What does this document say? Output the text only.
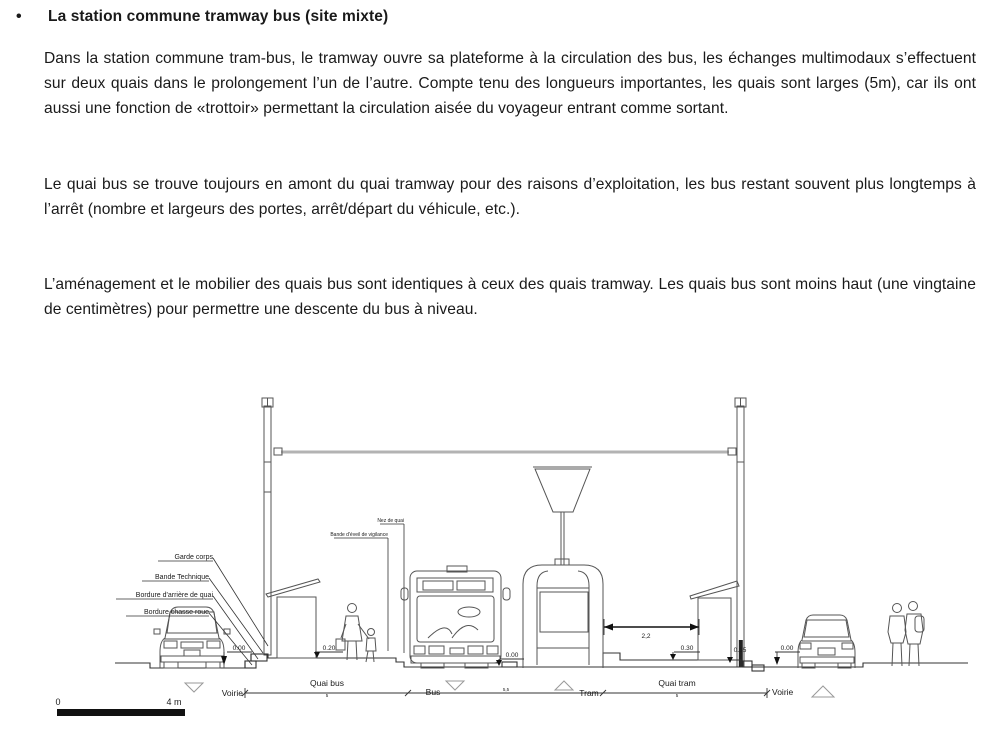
•	La station commune tramway bus (site mixte)

Dans la station commune tram-bus, le tramway ouvre sa plateforme à la circulation des bus, les échanges multimodaux s’effectuent sur deux quais dans le prolongement l’un de l’autre. Compte tenu des longueurs importantes, les quais sont larges (5m), car ils ont aussi une fonction de «trottoir» permettant la circulation aisée du voyageur entrant comme sortant.

Le quai bus se trouve toujours en amont du quai tramway pour des raisons d’exploitation, les bus restant souvent plus longtemps à l’arrêt (nombre et largeurs des portes, arrêt/départ du véhicule, etc.).

L’aménagement et le mobilier des quais bus sont identiques à ceux des quais tramway. Les quais bus sont moins haut (une vingtaine de centimètres) pour permettre une descente du bus à niveau.

Garde corps
Bande Technique
Bordure d'arrière de quai
Bordure chasse roue
Nez de quai
Bande d'éveil de vigilance
0.00	0.20
0.00
0.30	0.15	0.00
2,2
Voirie
Quai bus
5	Bus	5,5	Tram
Quai tram
5	Voirie
0	4 m
